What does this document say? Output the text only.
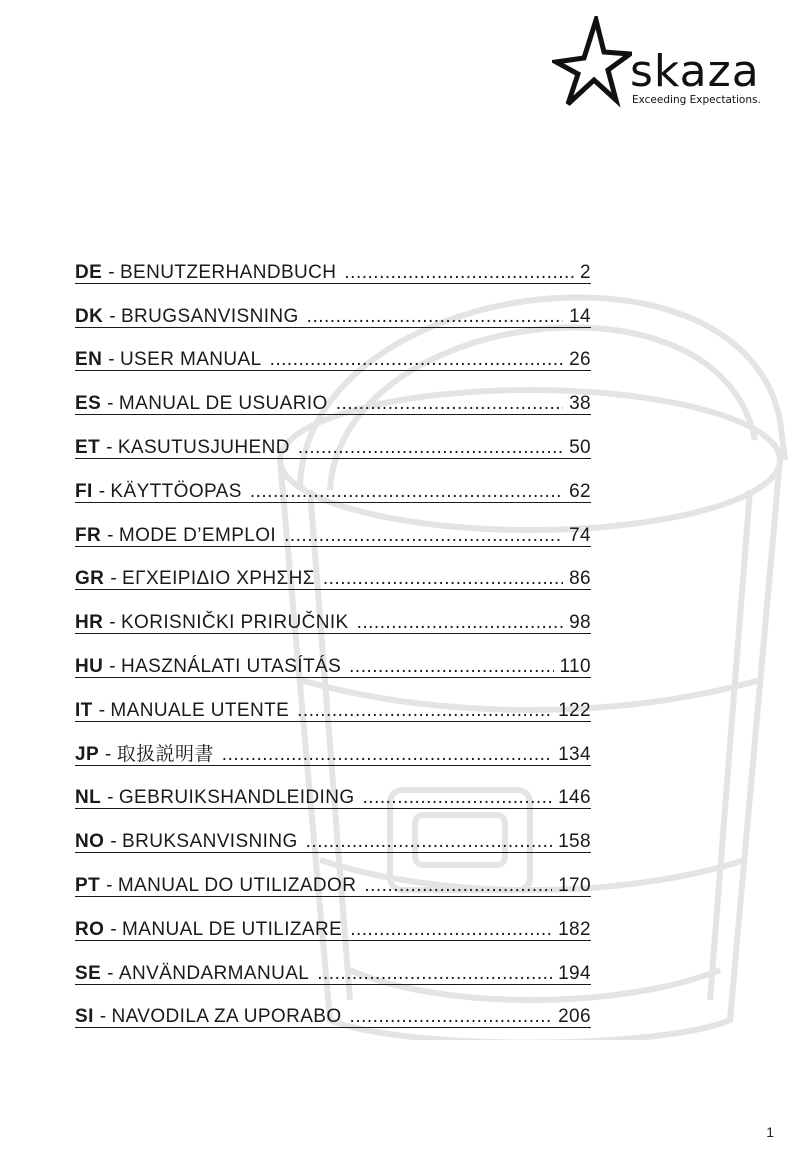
skaza
Exceeding Expectations.
DE - BENUTZERHANDBUCH .....	2
DK - BRUGSANVISNING .....	14
EN - USER MANUAL .....	26
ES - MANUAL DE USUARIO .....	38
ET - KASUTUSJUHEND .....	50
FI - KÄYTTÖOPAS .....	62
FR - MODE D’EMPLOI .....	74
GR - ΕΓΧΕΙΡΙΔΙΟ ΧΡΗΣΗΣ .....	86
HR - KORISNIČKI PRIRUČNIK .....	98
HU - HASZNÁLATI UTASÍTÁS .....	110
IT - MANUALE UTENTE .....	122
JP - 取扱説明書 .....	134
NL - GEBRUIKSHANDLEIDING .....	146
NO - BRUKSANVISNING .....	158
PT - MANUAL DO UTILIZADOR .....	170
RO - MANUAL DE UTILIZARE .....	182
SE - ANVÄNDARMANUAL .....	194
SI - NAVODILA ZA UPORABO .....	206
1
